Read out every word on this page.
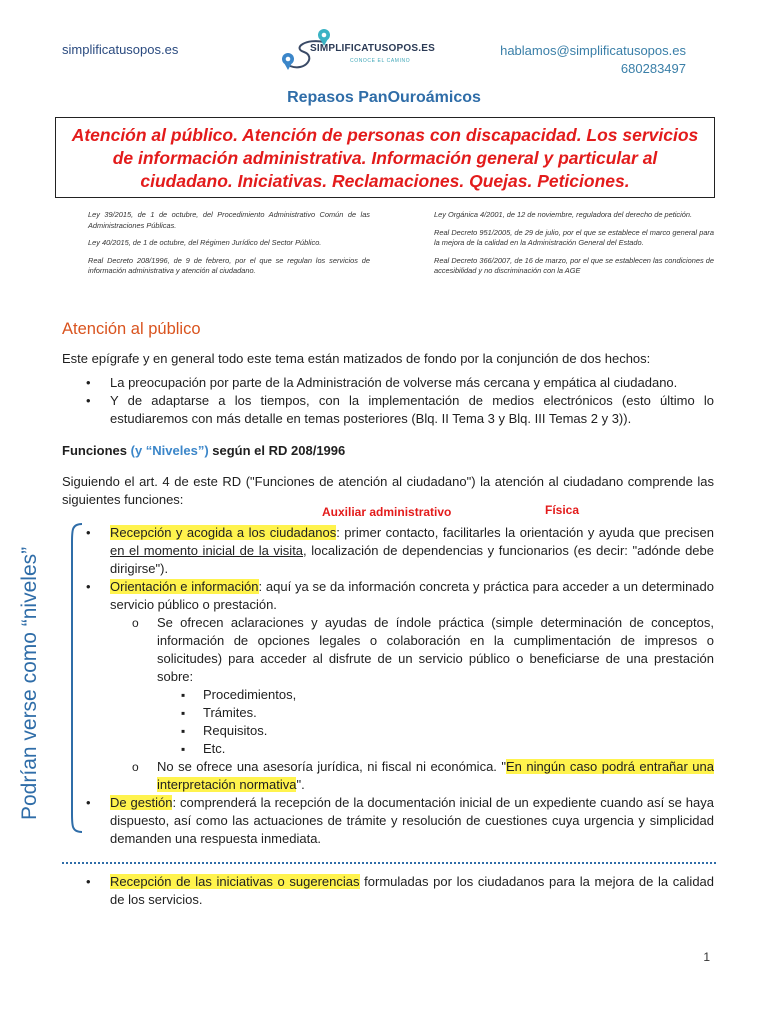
simplificatusopos.es	SIMPLIFICATUSOPOS.ES
CONOCE EL CAMINO
hablamos@simplificatusopos.es
680283497
Repasos PanOuroámicos
Atención al público. Atención de personas con discapacidad. Los servicios de información administrativa. Información general y particular al ciudadano. Iniciativas. Reclamaciones. Quejas. Peticiones.

Ley 39/2015, de 1 de octubre, del Procedimiento Administrativo Común de las Administraciones Públicas.

Ley 40/2015, de 1 de octubre, del Régimen Jurídico del Sector Público.

Real Decreto 208/1996, de 9 de febrero, por el que se regulan los servicios de información administrativa y atención al ciudadano.

Ley Orgánica 4/2001, de 12 de noviembre, reguladora del derecho de petición.

Real Decreto 951/2005, de 29 de julio, por el que se establece el marco general para la mejora de la calidad en la Administración General del Estado.

Real Decreto 366/2007, de 16 de marzo, por el que se establecen las condiciones de accesibilidad y no discriminación con la AGE

Atención al público
Este epígrafe y en general todo este tema están matizados de fondo por la conjunción de dos hechos:
• La preocupación por parte de la Administración de volverse más cercana y empática al ciudadano.
• Y de adaptarse a los tiempos, con la implementación de medios electrónicos (esto último lo estudiaremos con más detalle en temas posteriores (Blq. II Tema 3 y Blq. III Temas 2 y 3)).
Funciones (y “Niveles”) según el RD 208/1996
Siguiendo el art. 4 de este RD ("Funciones de atención al ciudadano") la atención al ciudadano comprende las siguientes funciones:
Auxiliar administrativo	Física
Podrían verse como “niveles”
• Recepción y acogida a los ciudadanos: primer contacto, facilitarles la orientación y ayuda que precisen en el momento inicial de la visita, localización de dependencias y funcionarios (es decir: "adónde debe dirigirse").
• Orientación e información: aquí ya se da información concreta y práctica para acceder a un determinado servicio público o prestación.
o Se ofrecen aclaraciones y ayudas de índole práctica (simple determinación de conceptos, información de opciones legales o colaboración en la cumplimentación de impresos o solicitudes) para acceder al disfrute de un servicio público o beneficiarse de una prestación sobre:
▪ Procedimientos,
▪ Trámites.
▪ Requisitos.
▪ Etc.
o No se ofrece una asesoría jurídica, ni fiscal ni económica. "En ningún caso podrá entrañar una interpretación normativa".
• De gestión: comprenderá la recepción de la documentación inicial de un expediente cuando así se haya dispuesto, así como las actuaciones de trámite y resolución de cuestiones cuya urgencia y simplicidad demanden una respuesta inmediata.
• Recepción de las iniciativas o sugerencias formuladas por los ciudadanos para la mejora de la calidad de los servicios.
1
